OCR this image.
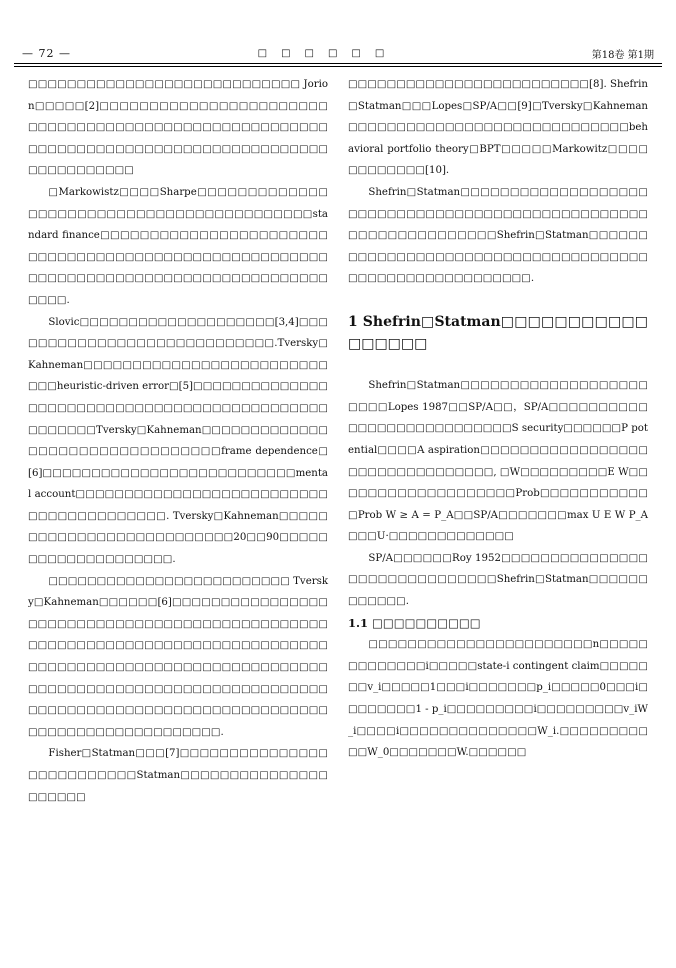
— 72 —	□□□□□□	第18卷 第1期

□□□□□□□□□□□□□□□□□□□□□□□□□□□□ Jorion□□□□□[2]□□□□□□□□□□□□□□□□□□□□□□□□□□□□□□□□□□□□□□□□□□□□□□□□□□□□□□□□□□□□□□□□□□□□□□□□□□□□□□□□□□□□□□□□□□□□□□□□

□Markowistz□□□□Sharpe□□□□□□□□□□□□□□□□□□□□□□□□□□□□□□□□□□□□□□□□□□standard finance□□□□□□□□□□□□□□□□□□□□□□□□□□□□□□□□□□□□□□□□□□□□□□□□□□□□□□□□□□□□□□□□□□□□□□□□□□□□□□□□□□□□□□□□□.

Slovic□□□□□□□□□□□□□□□□□□□□[3,4]□□□□□□□□□□□□□□□□□□□□□□□□□□□□.Tversky□Kahneman□□□□□□□□□□□□□□□□□□□□□□□□□□□□heuristic-driven error□[5]□□□□□□□□□□□□□□□□□□□□□□□□□□□□□□□□□□□□□□□□□□□□□□□□□□□□Tversky□Kahneman□□□□□□□□□□□□□□□□□□□□□□□□□□□□□□□□frame dependence□[6]□□□□□□□□□□□□□□□□□□□□□□□□□□mental account□□□□□□□□□□□□□□□□□□□□□□□□□□□□□□□□□□□□□□□□. Tversky□Kahneman□□□□□□□□□□□□□□□□□□□□□□□□□□20□□90□□□□□□□□□□□□□□□□□□□□.

□□□□□□□□□□□□□□□□□□□□□□□□□ Tversky□Kahneman□□□□□□[6]□□□□□□□□□□□□□□□□□□□□□□□□□□□□□□□□□□□□□□□□□□□□□□□□□□□□□□□□□□□□□□□□□□□□□□□□□□□□□□□□□□□□□□□□□□□□□□□□□□□□□□□□□□□□□□□□□□□□□□□□□□□□□□□□□□□□□□□□□□□□□□□□□□□□□□□□□□□□□□□□□□□□□□□□□□□□□□□□□□□□□□□□□□□□□□□.

Fisher□Statman□□□[7]□□□□□□□□□□□□□□□□□□□□□□□□□□Statman□□□□□□□□□□□□□□□□□□□□□

□□□□□□□□□□□□□□□□□□□□□□□□□[8]. Shefrin□Statman□□□Lopes□SP/A□□[9]□Tversky□Kahneman□□□□□□□□□□□□□□□□□□□□□□□□□□□□□behavioral portfolio theory□BPT□□□□□Markowitz□□□□□□□□□□□□[10].

Shefrin□Statman□□□□□□□□□□□□□□□□□□□□□□□□□□□□□□□□□□□□□□□□□□□□□□□□□□□□□□□□□□□□□□□□□Shefrin□Statman□□□□□□□□□□□□□□□□□□□□□□□□□□□□□□□□□□□□□□□□□□□□□□□□□□□□□□□□.

1 Shefrin□Statman□□□□□□□□□□□□□□□□□

Shefrin□Statman□□□□□□□□□□□□□□□□□□□□□□□Lopes 1987□□SP/A□□，SP/A□□□□□□□□□□□□□□□□□□□□□□□□□□□S security□□□□□□P potential□□□□A aspiration□□□□□□□□□□□□□□□□□□□□□□□□□□□□□□□□, □W□□□□□□□□□E W□□□□□□□□□□□□□□□□□□□Prob□□□□□□□□□□□□Prob W ≥ A = P_A□□SP/A□□□□□□□max U E W P_A□□□U·□□□□□□□□□□□□□

SP/A□□□□□□Roy 1952□□□□□□□□□□□□□□□□□□□□□□□□□□□□□□Shefrin□Statman□□□□□□□□□□□□.

1.1 □□□□□□□□□□

□□□□□□□□□□□□□□□□□□□□□□□n□□□□□□□□□□□□□i□□□□□state-i contingent claim□□□□□□□v_i□□□□□1□□□i□□□□□□□p_i□□□□□0□□□i□□□□□□□□1 - p_i□□□□□□□□□i□□□□□□□□□v_iW_i□□□□i□□□□□□□□□□□□□□W_i.□□□□□□□□□□□W_0□□□□□□□W.□□□□□□
